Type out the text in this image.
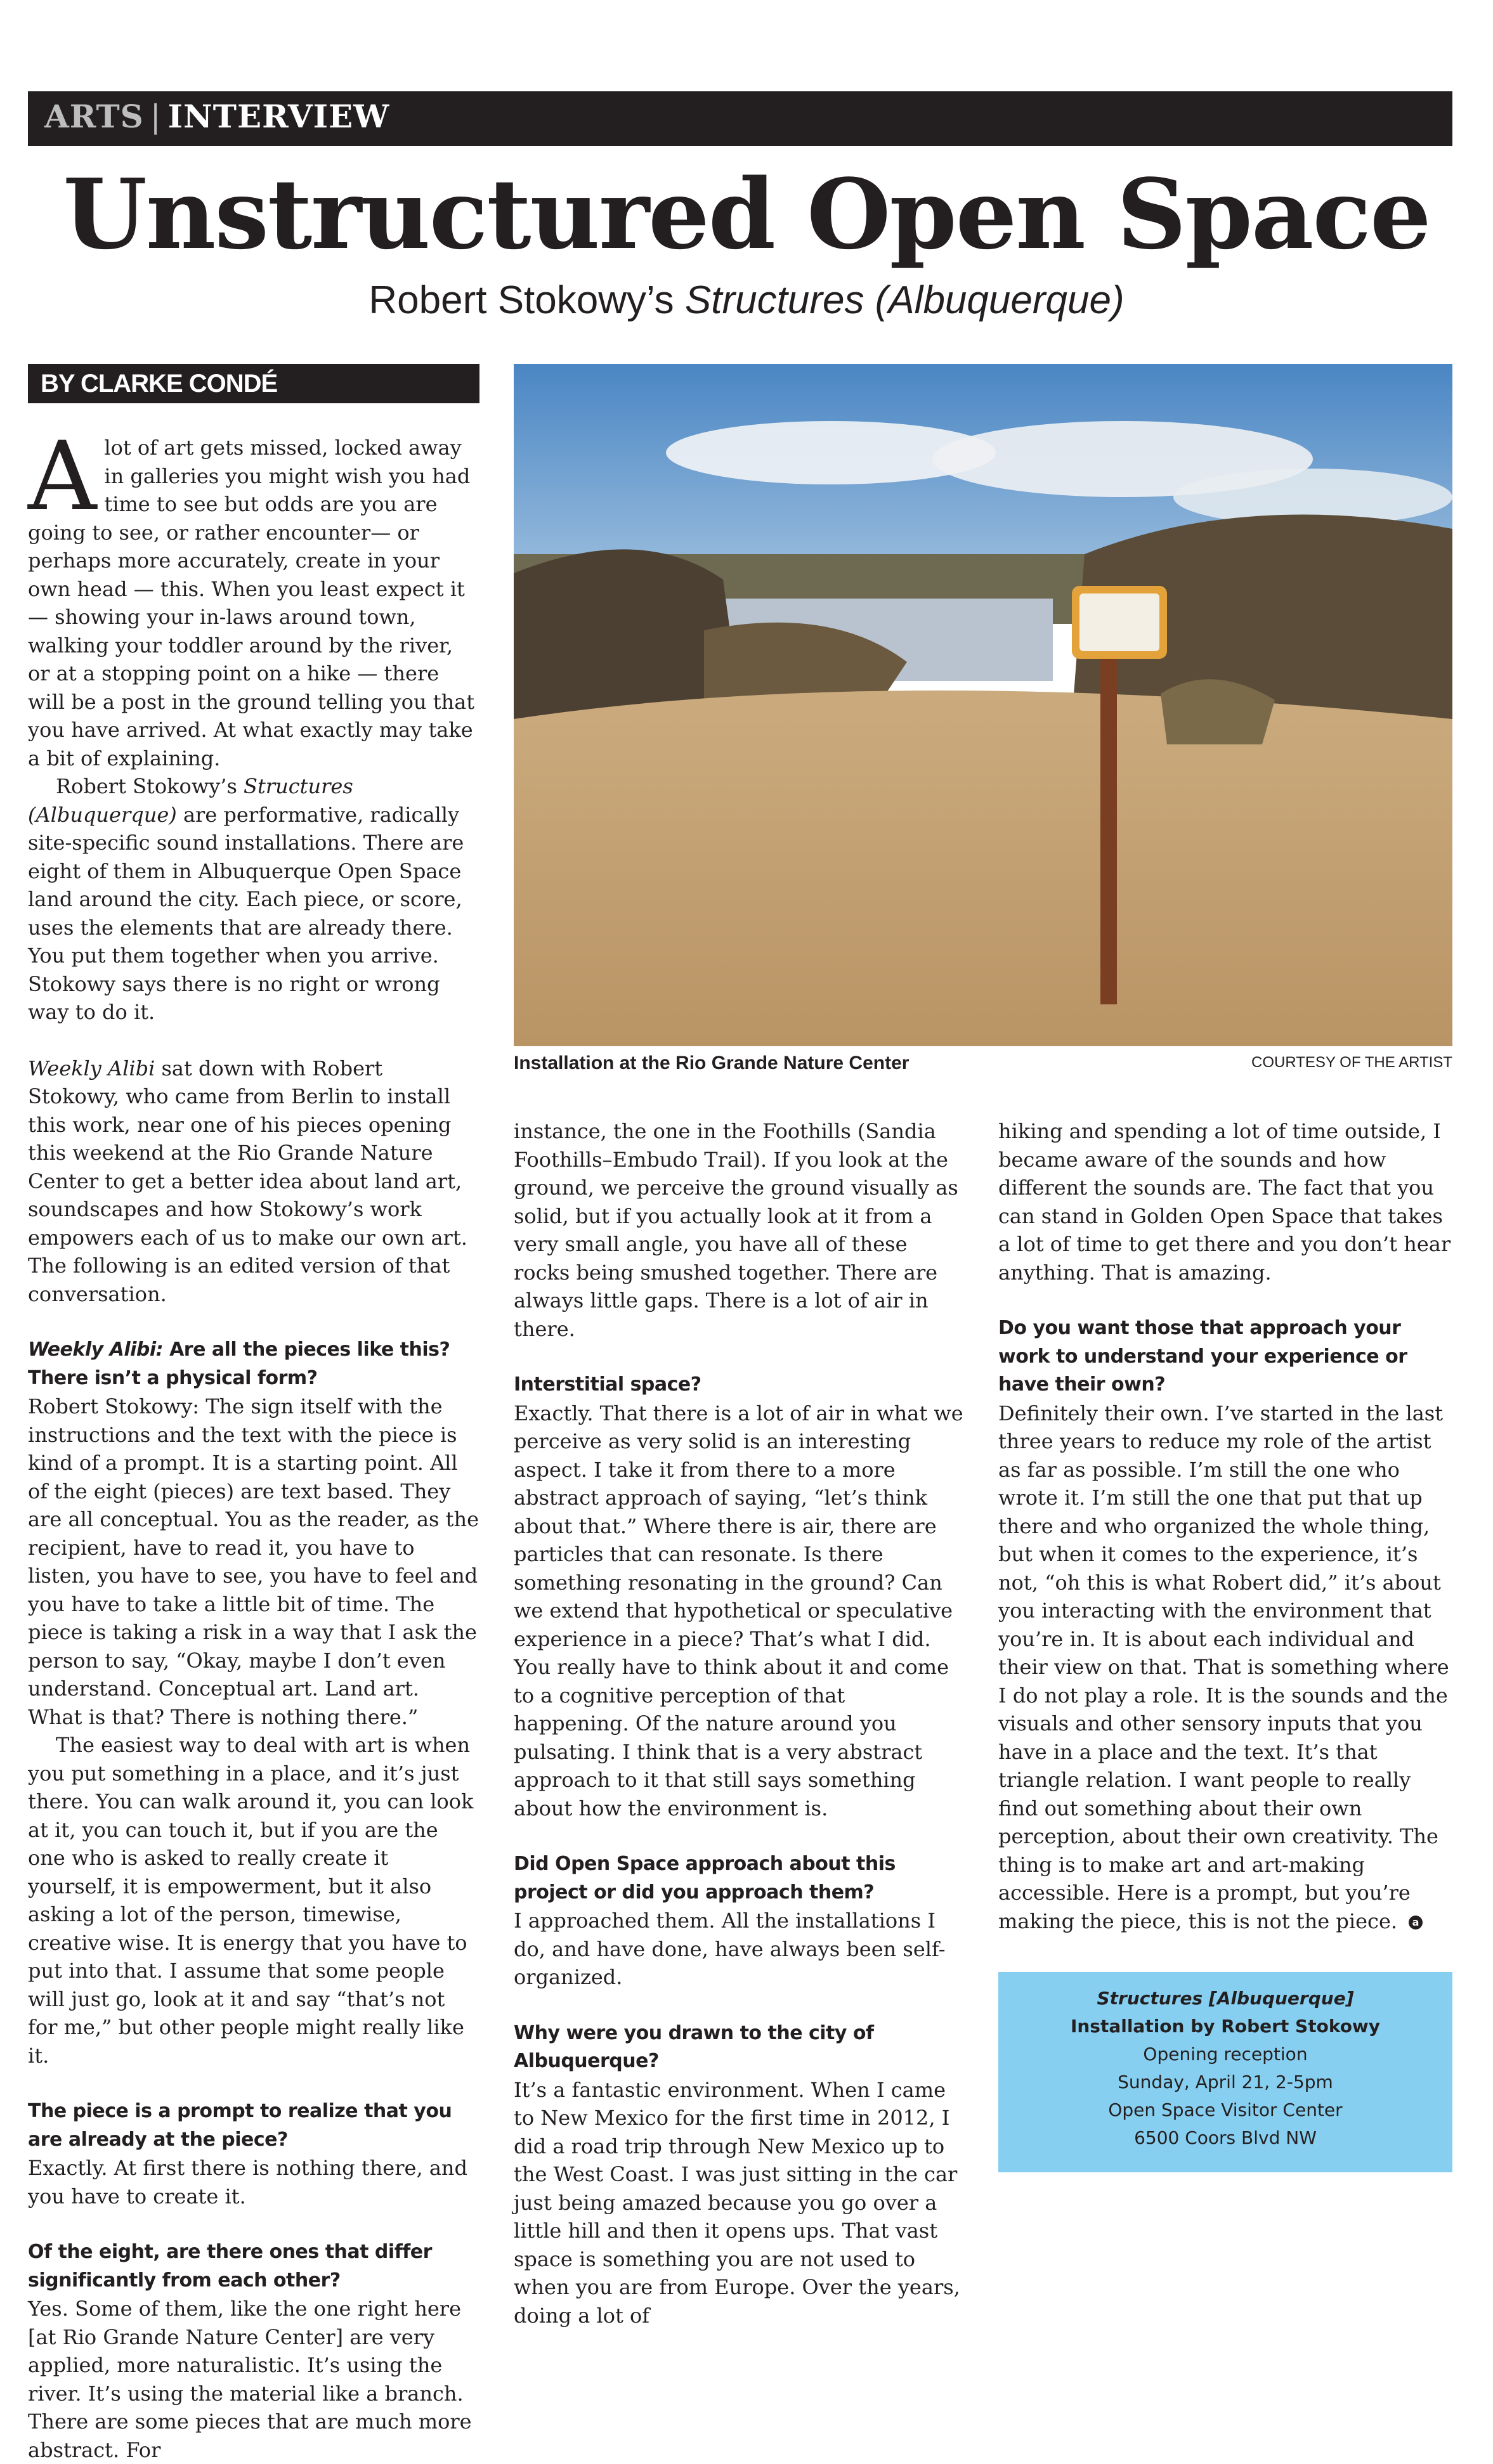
ARTS | INTERVIEW
Unstructured Open Space
Robert Stokowy’s Structures (Albuquerque)
BY CLARKE CONDÉ

Alot of art gets missed, locked away in galleries you might wish you had time to see but odds are you are going to see, or rather encounter— or perhaps more accurately, create in your own head — this. When you least expect it — showing your in-laws around town, walking your toddler around by the river, or at a stopping point on a hike — there will be a post in the ground telling you that you have arrived. At what exactly may take a bit of explaining.

Robert Stokowy’s Structures (Albuquerque) are performative, radically site-specific sound installations. There are eight of them in Albuquerque Open Space land around the city. Each piece, or score, uses the elements that are already there. You put them together when you arrive. Stokowy says there is no right or wrong way to do it.

Weekly Alibi sat down with Robert Stokowy, who came from Berlin to install this work, near one of his pieces opening this weekend at the Rio Grande Nature Center to get a better idea about land art, soundscapes and how Stokowy’s work empowers each of us to make our own art. The following is an edited version of that conversation.

Weekly Alibi: Are all the pieces like this? There isn’t a physical form?

Robert Stokowy: The sign itself with the instructions and the text with the piece is kind of a prompt. It is a starting point. All of the eight (pieces) are text based. They are all conceptual. You as the reader, as the recipient, have to read it, you have to listen, you have to see, you have to feel and you have to take a little bit of time. The piece is taking a risk in a way that I ask the person to say, “Okay, maybe I don’t even understand. Conceptual art. Land art. What is that? There is nothing there.”

The easiest way to deal with art is when you put something in a place, and it’s just there. You can walk around it, you can look at it, you can touch it, but if you are the one who is asked to really create it yourself, it is empowerment, but it also asking a lot of the person, timewise, creative wise. It is energy that you have to put into that. I assume that some people will just go, look at it and say “that’s not for me,” but other people might really like it.

The piece is a prompt to realize that you are already at the piece?

Exactly. At first there is nothing there, and you have to create it.

Of the eight, are there ones that differ significantly from each other?

Yes. Some of them, like the one right here [at Rio Grande Nature Center] are very applied, more naturalistic. It’s using the river. It’s using the material like a branch. There are some pieces that are much more abstract. For

Installation at the Rio Grande Nature Center	COURTESY OF THE ARTIST

instance, the one in the Foothills (Sandia Foothills–Embudo Trail). If you look at the ground, we perceive the ground visually as solid, but if you actually look at it from a very small angle, you have all of these rocks being smushed together. There are always little gaps. There is a lot of air in there.

Interstitial space?

Exactly. That there is a lot of air in what we perceive as very solid is an interesting aspect. I take it from there to a more abstract approach of saying, “let’s think about that.” Where there is air, there are particles that can resonate. Is there something resonating in the ground? Can we extend that hypothetical or speculative experience in a piece? That’s what I did. You really have to think about it and come to a cognitive perception of that happening. Of the nature around you pulsating. I think that is a very abstract approach to it that still says something about how the environment is.

Did Open Space approach about this project or did you approach them?

I approached them. All the installations I do, and have done, have always been self-organized.

Why were you drawn to the city of Albuquerque?

It’s a fantastic environment. When I came to New Mexico for the first time in 2012, I did a road trip through New Mexico up to the West Coast. I was just sitting in the car just being amazed because you go over a little hill and then it opens ups. That vast space is something you are not used to when you are from Europe. Over the years, doing a lot of

hiking and spending a lot of time outside, I became aware of the sounds and how different the sounds are. The fact that you can stand in Golden Open Space that takes a lot of time to get there and you don’t hear anything. That is amazing.

Do you want those that approach your work to understand your experience or have their own?

Definitely their own. I’ve started in the last three years to reduce my role of the artist as far as possible. I’m still the one who wrote it. I’m still the one that put that up there and who organized the whole thing, but when it comes to the experience, it’s not, “oh this is what Robert did,” it’s about you interacting with the environment that you’re in. It is about each individual and their view on that. That is something where I do not play a role. It is the sounds and the visuals and other sensory inputs that you have in a place and the text. It’s that triangle relation. I want people to really find out something about their own perception, about their own creativity. The thing is to make art and art-making accessible. Here is a prompt, but you’re making the piece, this is not the piece. a

Structures [Albuquerque]
Installation by Robert Stokowy
Opening reception
Sunday, April 21, 2-5pm
Open Space Visitor Center
6500 Coors Blvd NW
